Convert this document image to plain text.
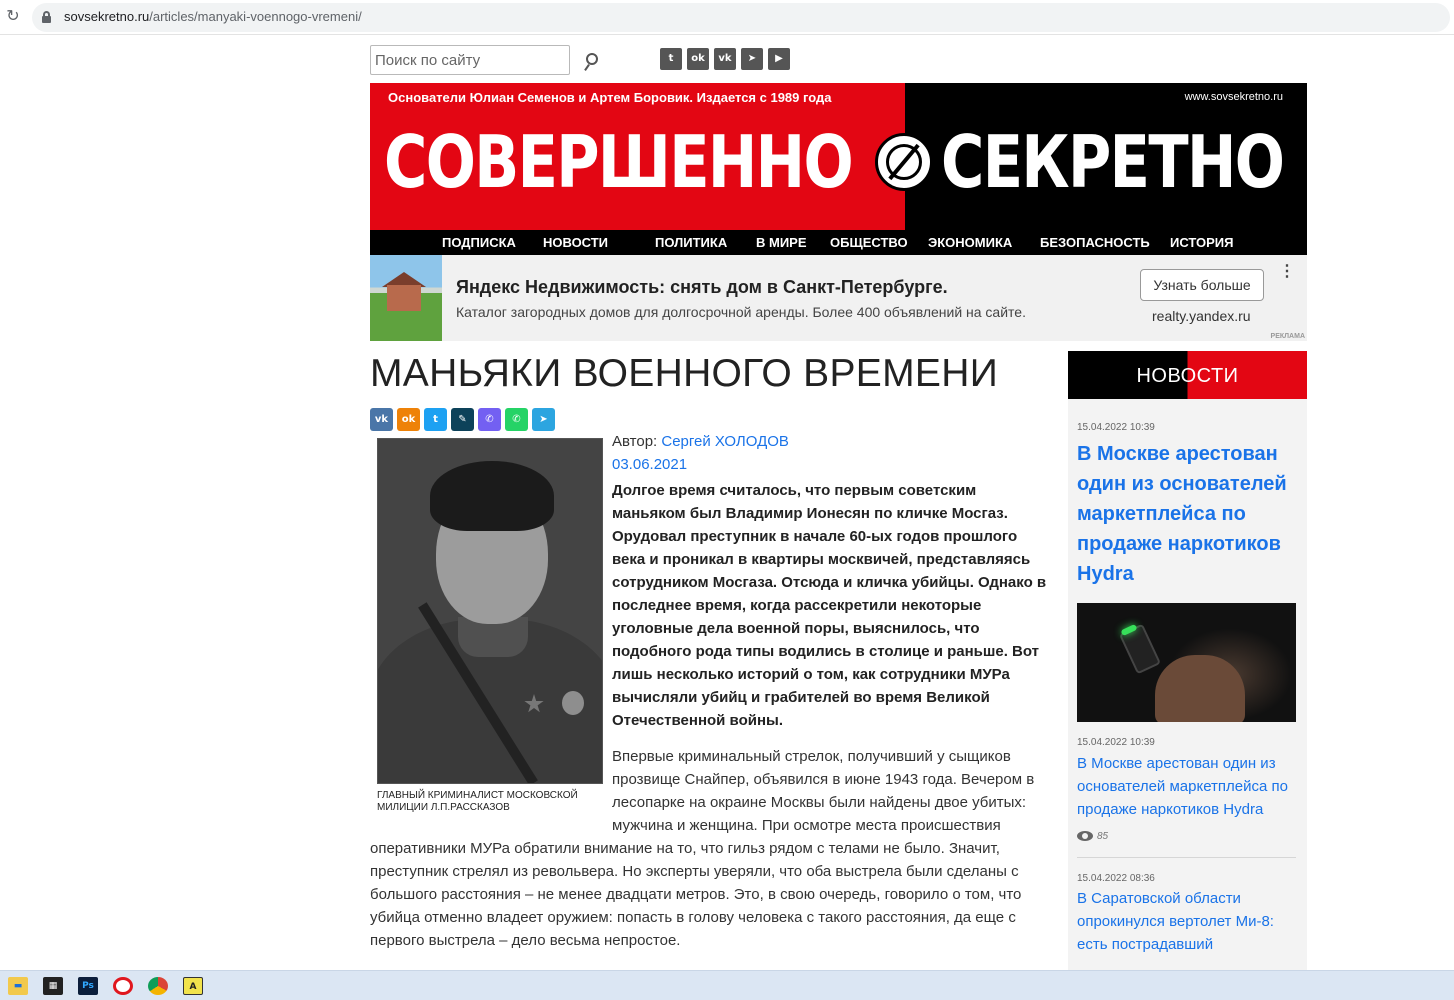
↻	sovsekretno.ru/articles/manyaki-voennogo-vremeni/
Поиск по сайту
t	ok	vk	➤	▶
Основатели Юлиан Семенов и Артем Боровик. Издается с 1989 года	www.sovsekretno.ru
СОВЕРШЕННО СЕКРЕТНО
ПОДПИСКА НОВОСТИ	ПОЛИТИКА В МИРЕ ОБЩЕСТВО ЭКОНОМИКА БЕЗОПАСНОСТЬ ИСТОРИЯ
Яндекс Недвижимость: снять дом в Санкт-Петербурге.
Каталог загородных домов для долгосрочной аренды. Более 400 объявлений на сайте.
Узнать больше
realty.yandex.ru
⋮
РЕКЛАМА
МАНЬЯКИ ВОЕННОГО ВРЕМЕНИ
vk	ok	t	✎	✆	✆	➤
ГЛАВНЫЙ КРИМИНАЛИСТ МОСКОВСКОЙ МИЛИЦИИ Л.П.РАССКАЗОВ
Автор: Сергей ХОЛОДОВ
03.06.2021

Долгое время считалось, что первым советским маньяком был Владимир Ионесян по кличке Мосгаз. Орудовал преступник в начале 60-ых годов прошлого века и проникал в квартиры москвичей, представляясь сотрудником Мосгаза. Отсюда и кличка убийцы. Однако в последнее время, когда рассекретили некоторые уголовные дела военной поры, выяснилось, что подобного рода типы водились в столице и раньше. Вот лишь несколько историй о том, как сотрудники МУРа вычисляли убийц и грабителей во время Великой Отечественной войны.

Впервые криминальный стрелок, получивший у сыщиков прозвище Снайпер, объявился в июне 1943 года. Вечером в лесопарке на окраине Москвы были найдены двое убитых: мужчина и женщина. При осмотре места происшествия

оперативники МУРа обратили внимание на то, что гильз рядом с телами не было. Значит, преступник стрелял из револьвера. Но эксперты уверяли, что оба выстрела были сделаны с большого расстояния – не менее двадцати метров. Это, в свою очередь, говорило о том, что убийца отменно владеет оружием: попасть в голову человека с такого расстояния, да еще с первого выстрела – дело весьма непростое.

НОВОСТИ
15.04.2022 10:39
В Москве арестован один из основателей маркетплейса по продаже наркотиков Hydra
15.04.2022 10:39
В Москве арестован один из основателей маркетплейса по продаже наркотиков Hydra
85
15.04.2022 08:36
В Саратовской области опрокинулся вертолет Ми-8: есть пострадавший
▬	▦	Ps	A
